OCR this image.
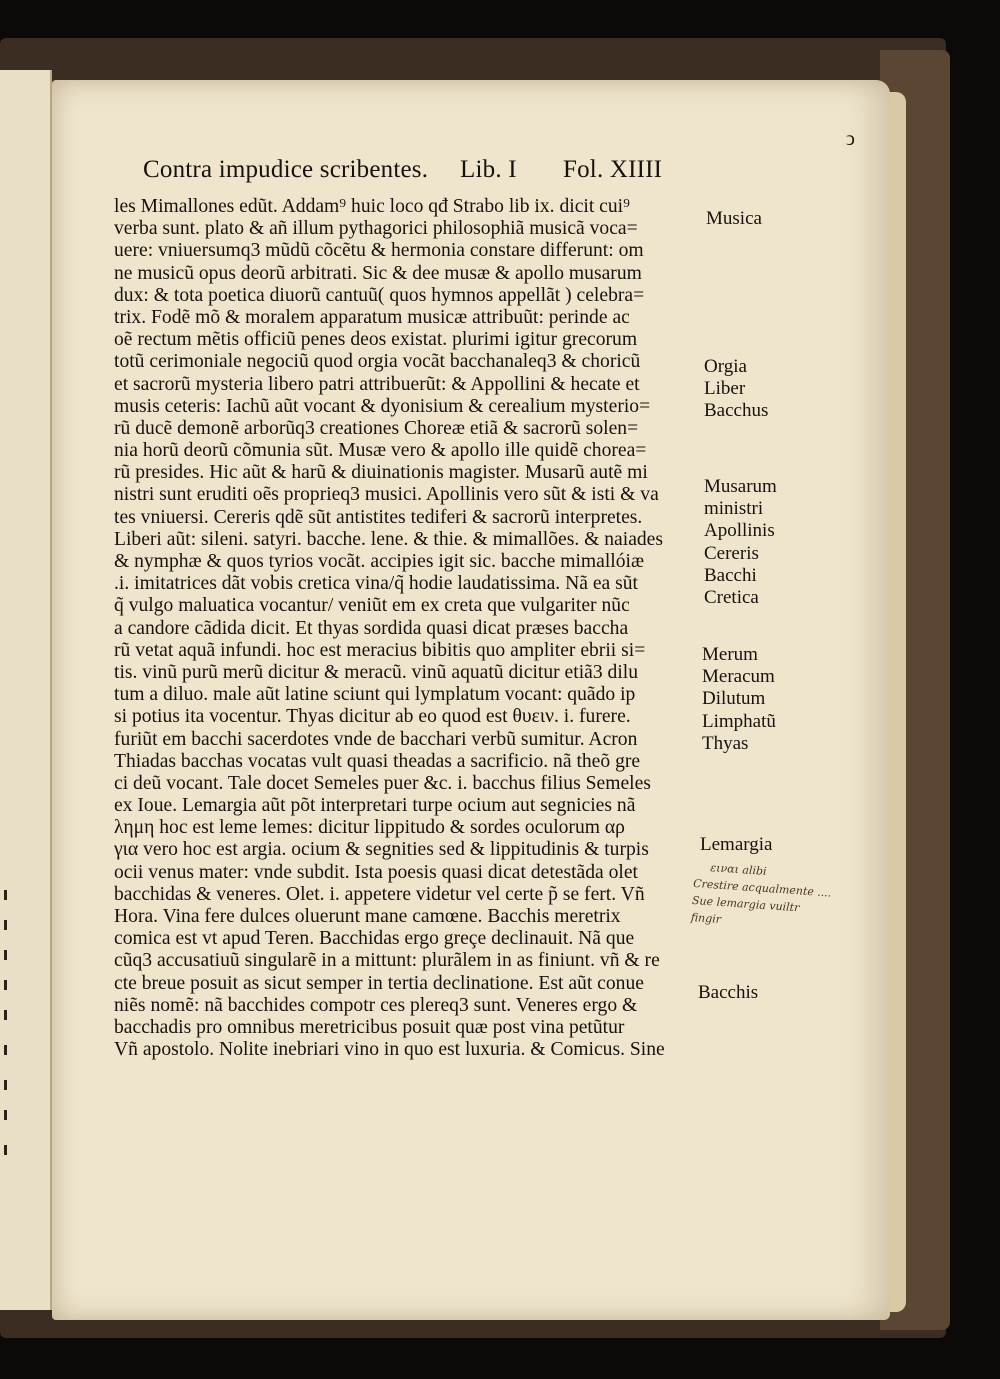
ↄ
Contra impudice scribentes. Lib. I Fol. XIIII
les Mimallones edũt. Addam⁹ huic loco qđ Strabo lib ix. dicit cui⁹
verba sunt. plato & añ illum pythagorici philosophiã musicã voca=
uere: vniuersumq3 mũdũ cõcẽtu & hermonia constare differunt: om
ne musicũ opus deorũ arbitrati. Sic & dee musæ & apollo musarum
dux: & tota poetica diuorũ cantuũ( quos hymnos appellãt ) celebra=
trix. Fodẽ mõ & moralem apparatum musicæ attribuũt: perinde ac
oẽ rectum mẽtis officiũ penes deos existat. plurimi igitur grecorum
totũ cerimoniale negociũ quod orgia vocãt bacchanaleq3 & choricũ
et sacrorũ mysteria libero patri attribuerũt: & Appollini & hecate et
musis ceteris: Iachũ aũt vocant & dyonisium & cerealium mysterio=
rũ ducẽ demonẽ arborũq3 creationes Choreæ etiã & sacrorũ solen=
nia horũ deorũ cõmunia sũt. Musæ vero & apollo ille quidẽ chorea=
rũ presides. Hic aũt & harũ & diuinationis magister. Musarũ autẽ mi
nistri sunt eruditi oẽs proprieq3 musici. Apollinis vero sũt & isti & va
tes vniuersi. Cereris qdẽ sũt antistites tediferi & sacrorũ interpretes.
Liberi aũt: sileni. satyri. bacche. lene. & thie. & mimallões. & naiades
& nymphæ & quos tyrios vocãt. accipies igit sic. bacche mimallóiæ
.i. imitatrices dãt vobis cretica vina/q̃ hodie laudatissima. Nã ea sũt
q̃ vulgo maluatica vocantur/ veniũt em ex creta que vulgariter nũc
a candore cãdida dicit. Et thyas sordida quasi dicat præses baccha
rũ vetat aquã infundi. hoc est meracius bibitis quo ampliter ebrii si=
tis. vinũ purũ merũ dicitur & meracũ. vinũ aquatũ dicitur etiã3 dilu
tum a diluo. male aũt latine sciunt qui lymplatum vocant: quãdo ip
si potius ita vocentur. Thyas dicitur ab eo quod est θυειν. i. furere.
furiũt em bacchi sacerdotes vnde de bacchari verbũ sumitur. Acron
Thiadas bacchas vocatas vult quasi theadas a sacrificio. nã theõ gre
ci deũ vocant. Tale docet Semeles puer &c. i. bacchus filius Semeles
ex Ioue. Lemargia aũt põt interpretari turpe ocium aut segnicies nã
λημη hoc est leme lemes: dicitur lippitudo & sordes oculorum αρ
για vero hoc est argia. ocium & segnities sed & lippitudinis & turpis
ocii venus mater: vnde subdit. Ista poesis quasi dicat detestãda olet
bacchidas & veneres. Olet. i. appetere videtur vel certe p̃ se fert. Vñ
Hora. Vina fere dulces oluerunt mane camœne. Bacchis meretrix
comica est vt apud Teren. Bacchidas ergo greçe declinauit. Nã que
cũq3 accusatiuũ singularẽ in a mittunt: plurãlem in as finiunt. vñ & re
cte breue posuit as sicut semper in tertia declinatione. Est aũt conue
niẽs nomẽ: nã bacchides compotr ces plereq3 sunt. Veneres ergo &
bacchadis pro omnibus meretricibus posuit quæ post vina petũtur
Vñ apostolo. Nolite inebriari vino in quo est luxuria. & Comicus. Sine
Musica
Orgia
Liber
Bacchus
Musarum
ministri
Apollinis
Cereris
Bacchi
Cretica
Merum
Meracum
Dilutum
Limphatũ
Thyas
Lemargia
Bacchis
ειναι alibi
Crestire acqualmente ....
Sue lemargia vuiltr
fingir
